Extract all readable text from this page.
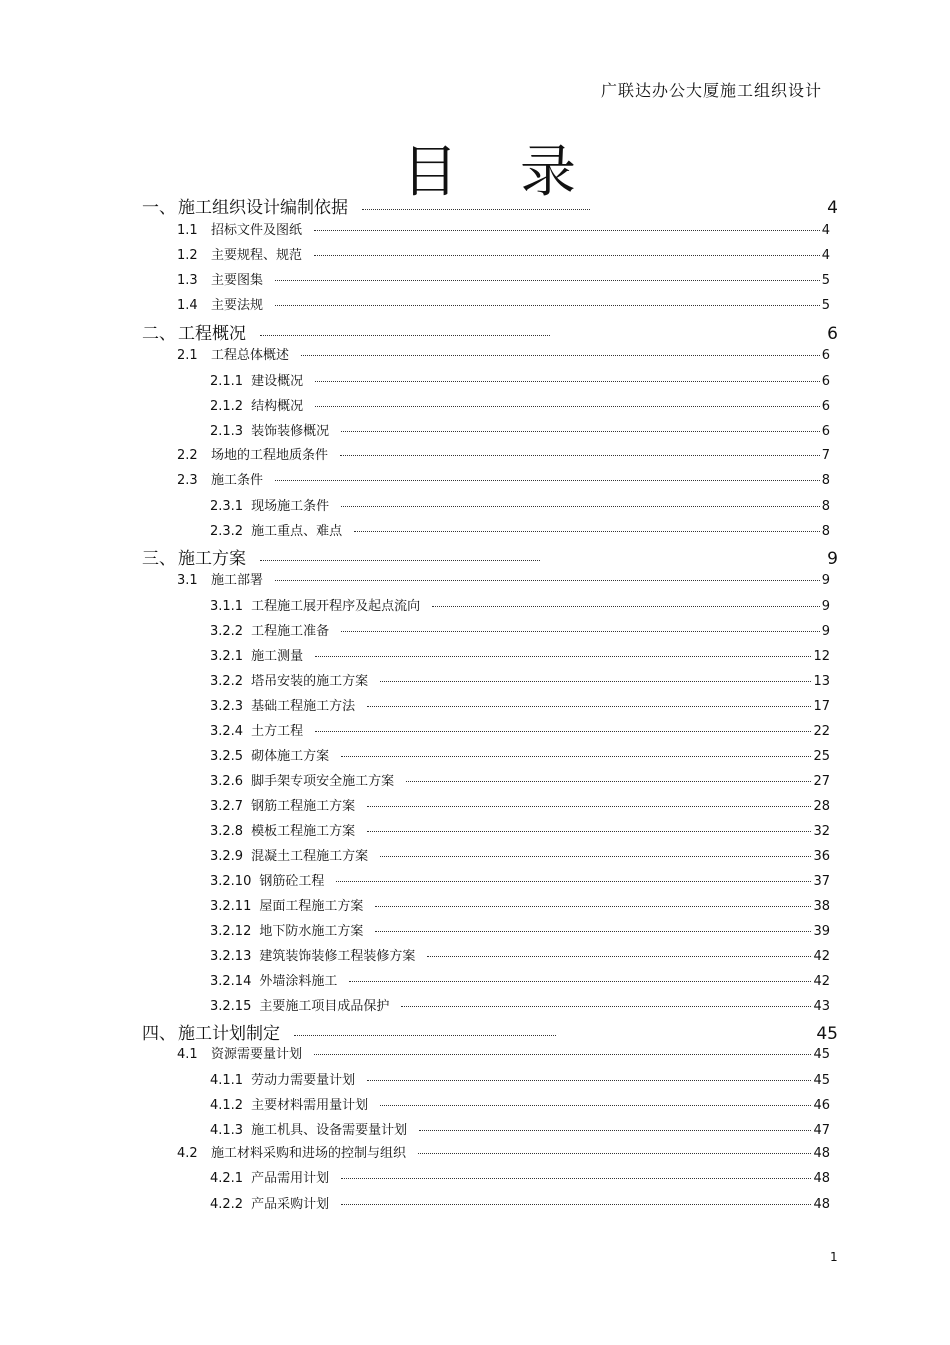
广联达办公大厦施工组织设计
目 录
一、 施工组织设计编制依据	4
1.1	招标文件及图纸	4
1.2	主要规程、规范	4
1.3	主要图集	5
1.4	主要法规	5
二、 工程概况	6
2.1	工程总体概述	6
2.1.1 建设概况	6
2.1.2 结构概况	6
2.1.3 装饰装修概况	6
2.2	场地的工程地质条件	7
2.3	施工条件	8
2.3.1 现场施工条件	8
2.3.2 施工重点、难点	8
三、 施工方案	9
3.1	施工部署	9
3.1.1 工程施工展开程序及起点流向	9
3.2.2 工程施工准备	9
3.2.1 施工测量	12
3.2.2 塔吊安装的施工方案	13
3.2.3 基础工程施工方法	17
3.2.4 土方工程	22
3.2.5 砌体施工方案	25
3.2.6 脚手架专项安全施工方案	27
3.2.7 钢筋工程施工方案	28
3.2.8 模板工程施工方案	32
3.2.9 混凝土工程施工方案	36
3.2.10 钢筋砼工程	37
3.2.11 屋面工程施工方案	38
3.2.12 地下防水施工方案	39
3.2.13 建筑装饰装修工程装修方案	42
3.2.14 外墙涂料施工	42
3.2.15 主要施工项目成品保护	43
四、 施工计划制定	45
4.1	资源需要量计划	45
4.1.1 劳动力需要量计划	45
4.1.2 主要材料需用量计划	46
4.1.3 施工机具、设备需要量计划	47
4.2	施工材料采购和进场的控制与组织	48
4.2.1 产品需用计划	48
4.2.2 产品采购计划	48
1
